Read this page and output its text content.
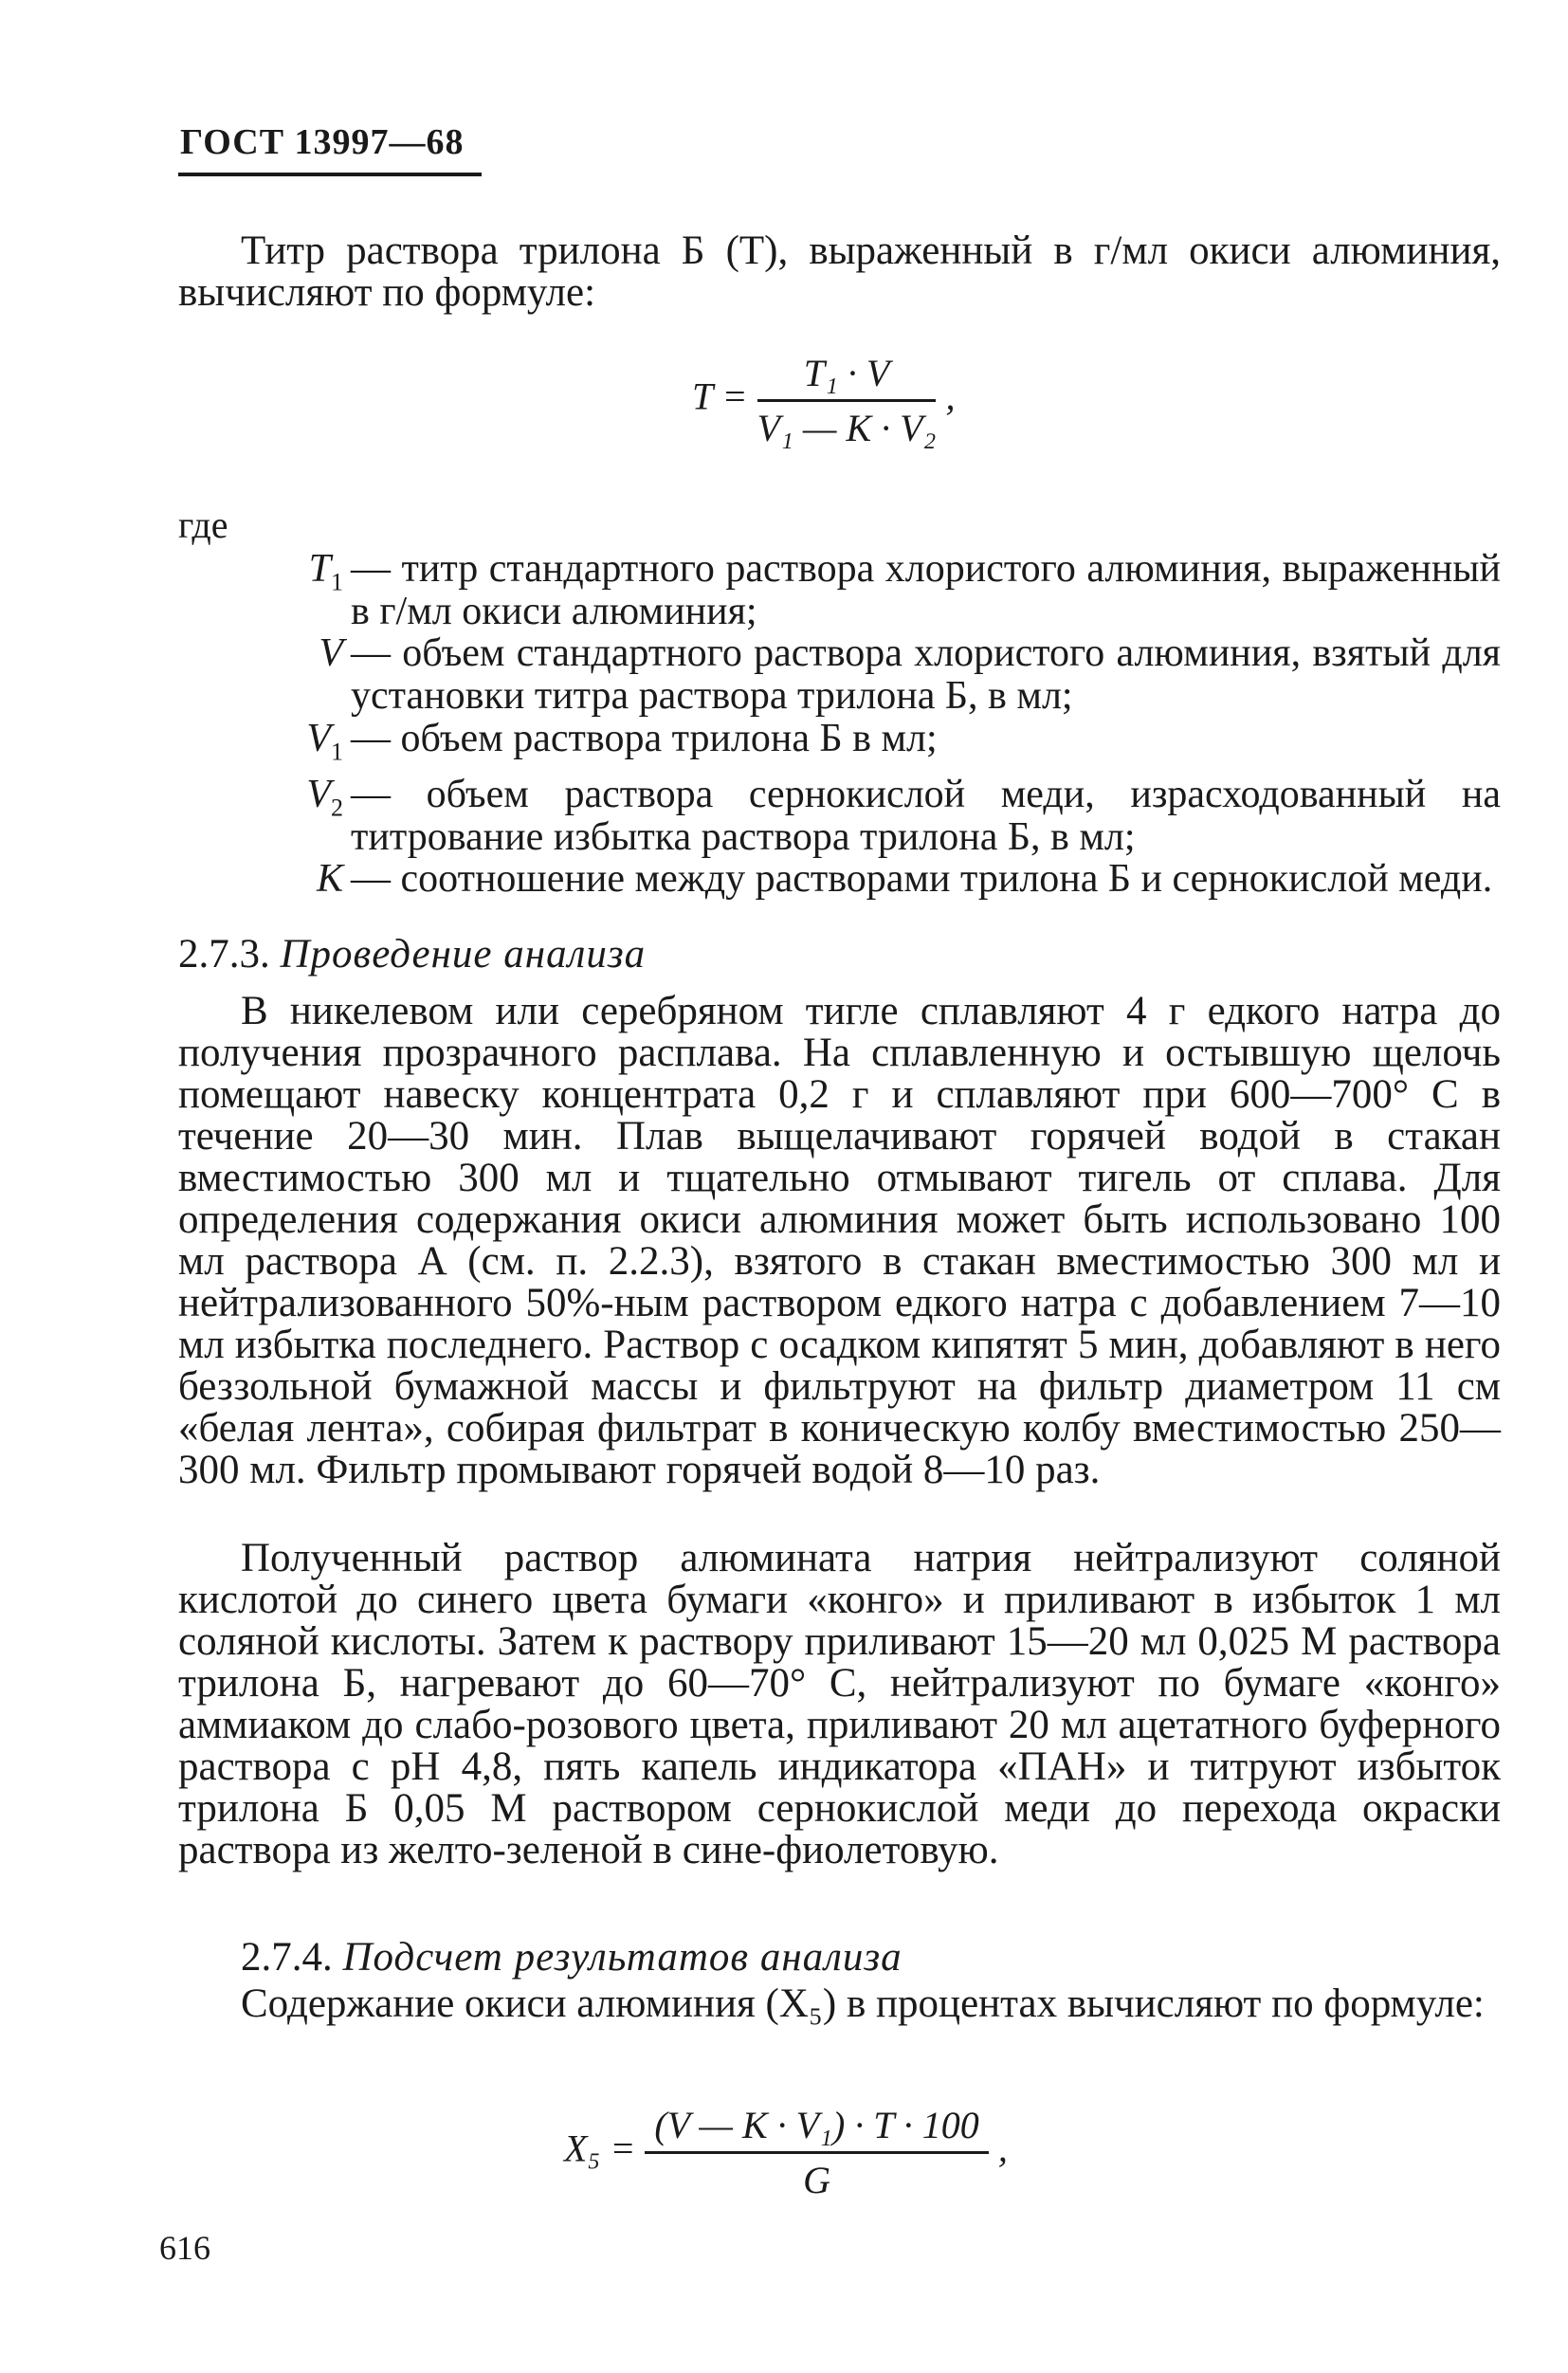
ГОСТ 13997—68
Титр раствора трилона Б (Т), выраженный в г/мл окиси алюминия, вычисляют по формуле:
$T = \frac{\text{T₁ · V}}{\text{V₁ — K · V₂}}$ ,
где
$T_1$ — титр стандартного раствора хлористого алюминия, выраженный в г/мл окиси алюминия;
V — объем стандартного раствора хлористого алюминия, взятый для установки титра раствора трилона Б, в мл;
$V_1$ — объем раствора трилона Б в мл;
$V_2$ — объем раствора сернокислой меди, израсходованный на титрование избытка раствора трилона Б, в мл;
K — соотношение между растворами трилона Б и сернокислой меди.
2.7.3. Проведение анализа
В никелевом или серебряном тигле сплавляют 4 г едкого натра до получения прозрачного расплава. На сплавленную и остывшую щелочь помещают навеску концентрата 0,2 г и сплавляют при 600—700° С в течение 20—30 мин. Плав выщелачивают горячей водой в стакан вместимостью 300 мл и тщательно отмывают тигель от сплава. Для определения содержания окиси алюминия может быть использовано 100 мл раствора А (см. п. 2.2.3), взятого в стакан вместимостью 300 мл и нейтрализованного 50%-ным раствором едкого натра с добавлением 7—10 мл избытка последнего. Раствор с осадком кипятят 5 мин, добавляют в него беззольной бумажной массы и фильтруют на фильтр диаметром 11 см «белая лента», собирая фильтрат в коническую колбу вместимостью 250—300 мл. Фильтр промывают горячей водой 8—10 раз.
Полученный раствор алюмината натрия нейтрализуют соляной кислотой до синего цвета бумаги «конго» и приливают в избыток 1 мл соляной кислоты. Затем к раствору приливают 15—20 мл 0,025 М раствора трилона Б, нагревают до 60—70° С, нейтрализуют по бумаге «конго» аммиаком до слабо-розового цвета, приливают 20 мл ацетатного буферного раствора с pH 4,8, пять капель индикатора «ПАН» и титруют избыток трилона Б 0,05 М раствором сернокислой меди до перехода окраски раствора из желто-зеленой в сине-фиолетовую.
2.7.4. Подсчет результатов анализа
Содержание окиси алюминия (X₅) в процентах вычисляют по формуле:
$X_5 = \frac{\text{(V — K · V₁) · T · 100}}{G}$ ,
616
